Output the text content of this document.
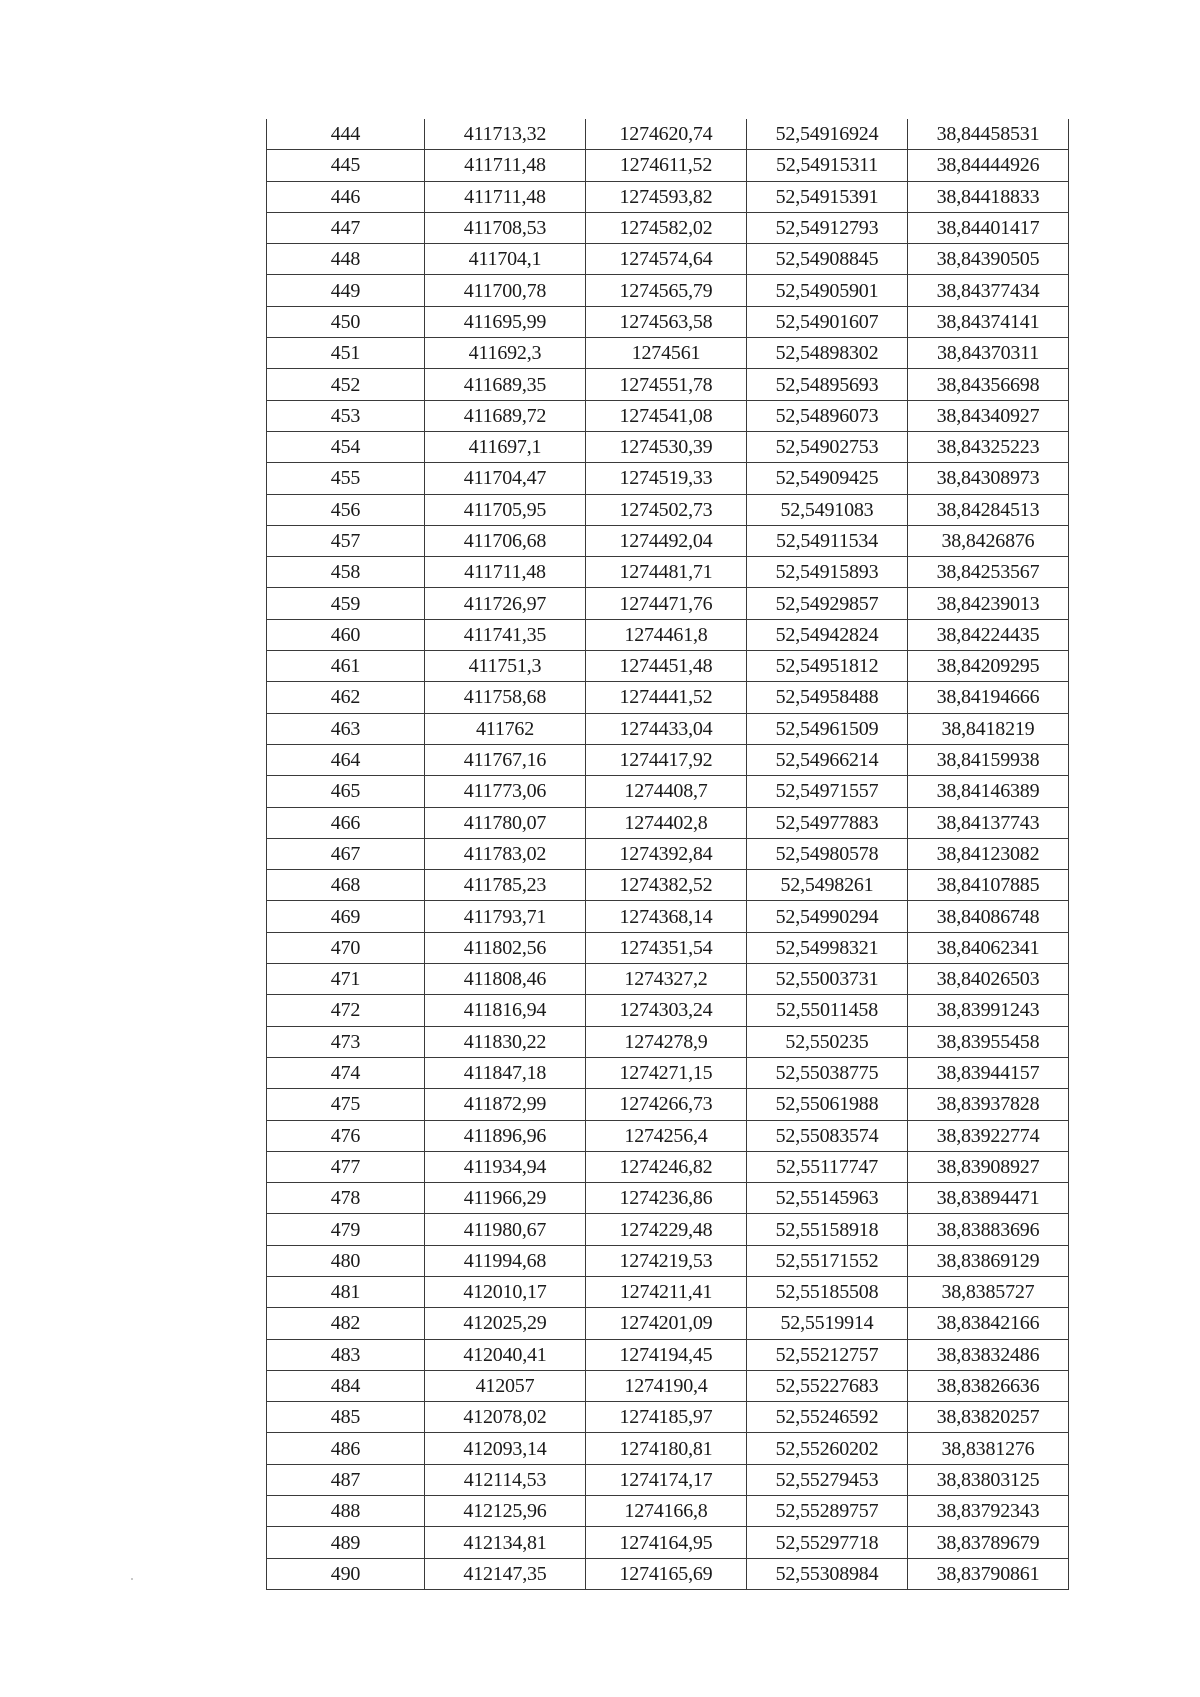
444	411713,32	1274620,74	52,54916924	38,84458531
445	411711,48	1274611,52	52,54915311	38,84444926
446	411711,48	1274593,82	52,54915391	38,84418833
447	411708,53	1274582,02	52,54912793	38,84401417
448	411704,1	1274574,64	52,54908845	38,84390505
449	411700,78	1274565,79	52,54905901	38,84377434
450	411695,99	1274563,58	52,54901607	38,84374141
451	411692,3	1274561	52,54898302	38,84370311
452	411689,35	1274551,78	52,54895693	38,84356698
453	411689,72	1274541,08	52,54896073	38,84340927
454	411697,1	1274530,39	52,54902753	38,84325223
455	411704,47	1274519,33	52,54909425	38,84308973
456	411705,95	1274502,73	52,5491083	38,84284513
457	411706,68	1274492,04	52,54911534	38,8426876
458	411711,48	1274481,71	52,54915893	38,84253567
459	411726,97	1274471,76	52,54929857	38,84239013
460	411741,35	1274461,8	52,54942824	38,84224435
461	411751,3	1274451,48	52,54951812	38,84209295
462	411758,68	1274441,52	52,54958488	38,84194666
463	411762	1274433,04	52,54961509	38,8418219
464	411767,16	1274417,92	52,54966214	38,84159938
465	411773,06	1274408,7	52,54971557	38,84146389
466	411780,07	1274402,8	52,54977883	38,84137743
467	411783,02	1274392,84	52,54980578	38,84123082
468	411785,23	1274382,52	52,5498261	38,84107885
469	411793,71	1274368,14	52,54990294	38,84086748
470	411802,56	1274351,54	52,54998321	38,84062341
471	411808,46	1274327,2	52,55003731	38,84026503
472	411816,94	1274303,24	52,55011458	38,83991243
473	411830,22	1274278,9	52,550235	38,83955458
474	411847,18	1274271,15	52,55038775	38,83944157
475	411872,99	1274266,73	52,55061988	38,83937828
476	411896,96	1274256,4	52,55083574	38,83922774
477	411934,94	1274246,82	52,55117747	38,83908927
478	411966,29	1274236,86	52,55145963	38,83894471
479	411980,67	1274229,48	52,55158918	38,83883696
480	411994,68	1274219,53	52,55171552	38,83869129
481	412010,17	1274211,41	52,55185508	38,8385727
482	412025,29	1274201,09	52,5519914	38,83842166
483	412040,41	1274194,45	52,55212757	38,83832486
484	412057	1274190,4	52,55227683	38,83826636
485	412078,02	1274185,97	52,55246592	38,83820257
486	412093,14	1274180,81	52,55260202	38,8381276
487	412114,53	1274174,17	52,55279453	38,83803125
488	412125,96	1274166,8	52,55289757	38,83792343
489	412134,81	1274164,95	52,55297718	38,83789679
490	412147,35	1274165,69	52,55308984	38,83790861
